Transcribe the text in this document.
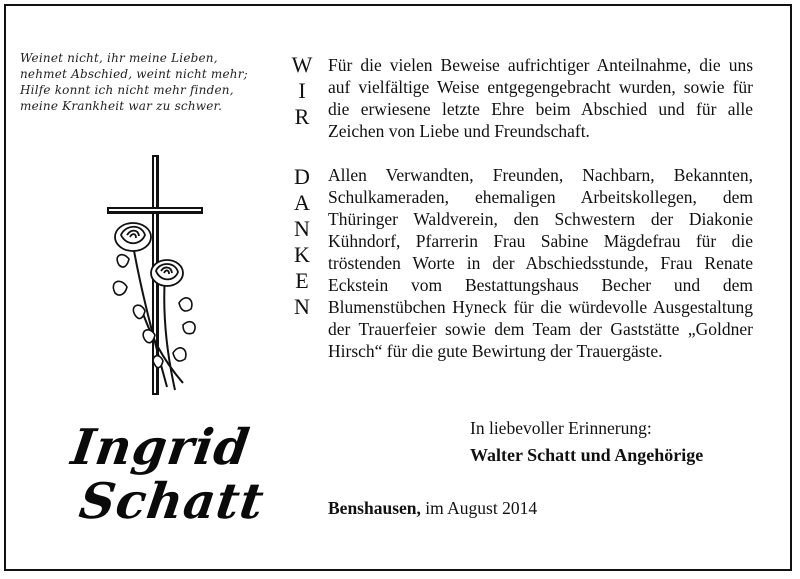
Weinet nicht, ihr meine Lieben,
nehmet Abschied, weint nicht mehr;
Hilfe konnt ich nicht mehr finden,
meine Krankheit war zu schwer.
Ingrid
Schatt
W
I
R
D
A
N
K
E
N

Für die vielen Beweise aufrichtiger Anteilnahme, die uns auf vielfältige Weise entgegengebracht wurden, sowie für die erwiesene letzte Ehre beim Abschied und für alle Zeichen von Liebe und Freundschaft.

Allen Verwandten, Freunden, Nachbarn, Bekannten, Schulkameraden, ehemaligen Arbeitskollegen, dem Thüringer Waldverein, den Schwestern der Diakonie Kühndorf, Pfarrerin Frau Sabine Mägdefrau für die tröstenden Worte in der Abschiedsstunde, Frau Renate Eckstein vom Bestattungshaus Becher und dem Blumenstübchen Hyneck für die würdevolle Ausgestaltung der Trauerfeier sowie dem Team der Gaststätte „Goldner Hirsch“ für die gute Bewirtung der Trauergäste.

In liebevoller Erinnerung:
Walter Schatt und Angehörige
Benshausen, im August 2014
